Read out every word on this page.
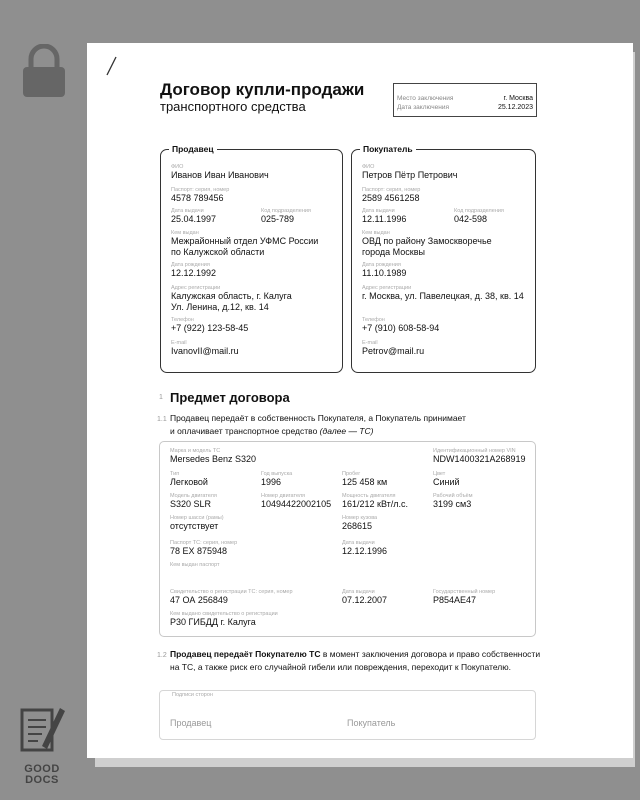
GOOD
DOCS
Договор купли-продажи
транспортного средства
Место заключения	г. Москва
Дата заключения	25.12.2023
Продавец
ФИО
Иванов Иван Иванович
Паспорт: серия, номер
4578 789456
Дата выдачи
25.04.1997
Код подразделения
025-789
Кем выдан
Межрайонный отдел УФМС России
по Калужской области
Дата рождения
12.12.1992
Адрес регистрации
Калужская область, г. Калуга
Ул. Ленина, д.12, кв. 14
Телефон
+7 (922) 123-58-45
E-mail
IvanovII@mail.ru
Покупатель
ФИО
Петров Пётр Петрович
Паспорт: серия, номер
2589 4561258
Дата выдачи
12.11.1996
Код подразделения
042-598
Кем выдан
ОВД по району Замоскворечье
города Москвы
Дата рождения
11.10.1989
Адрес регистрации
г. Москва, ул. Павелецкая, д. 38, кв. 14
Телефон
+7 (910) 608-58-94
E-mail
Petrov@mail.ru
1 Предмет договора
1.1 Продавец передаёт в собственность Покупателя, а Покупатель принимает
и оплачивает транспортное средство (далее — ТС)
Марка и модель ТС
Mersedes Benz S320
Идентификационный номер VIN
NDW1400321A268919
Тип
Легковой
Год выпуска
1996
Пробег
125 458 км
Цвет
Синий
Модель двигателя
S320 SLR
Номер двигателя
10494422002105
Мощность двигателя
161/212 кВт/л.с.
Рабочий объём
3199 см3
Номер шасси (рамы)
отсутствует
Номер кузова
268615
Паспорт ТС: серия, номер
78 ЕХ 875948
Дата выдачи
12.12.1996
Кем выдан паспорт
Свидетельство о регистрации ТС: серия, номер
47 ОА 256849
Дата выдачи
07.12.2007
Государственный номер
Р854АЕ47
Кем выдано свидетельство о регистрации
Р30 ГИБДД г. Калуга
1.2 Продавец передаёт Покупателю ТС в момент заключения договора и право собственности
на ТС, а также риск его случайной гибели или повреждения, переходит к Покупателю.
Подписи сторон
Продавец	Покупатель
